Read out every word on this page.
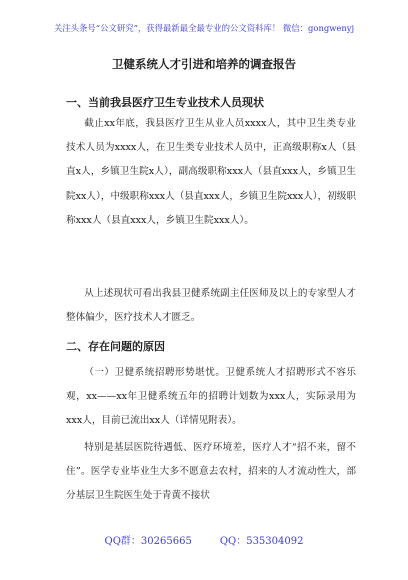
关注头条号“公文研究”，获得最新最全最专业的公文资料库！ 微信：gongwenyj
卫健系统人才引进和培养的调查报告
一、当前我县医疗卫生专业技术人员现状

截止xx年底，我县医疗卫生从业人员xxxx人，其中卫生类专业技术人员为xxxx人，在卫生类专业技术人员中，正高级职称x人（县直x人，乡镇卫生院x人），副高级职称xxx人（县直xxx人，乡镇卫生院xx人），中级职称xxx人（县直xxx人，乡镇卫生院xxx人），初级职称xxx人（县直xxx人，乡镇卫生院xxx人）。

从上述现状可看出我县卫健系统副主任医师及以上的专家型人才整体偏少，医疗技术人才匮乏。

二、存在问题的原因

（一）卫健系统招聘形势堪忧。卫健系统人才招聘形式不容乐观，xx——xx年卫健系统五年的招聘计划数为xxx人，实际录用为xxx人，目前已流出xx人（详情见附表）。

特别是基层医院待遇低、医疗环境差，医疗人才“招不来，留不住”。医学专业毕业生大多不愿意去农村，招来的人才流动性大，部分基层卫生院医生处于青黄不接状

QQ群：30265665	QQ：535304092
